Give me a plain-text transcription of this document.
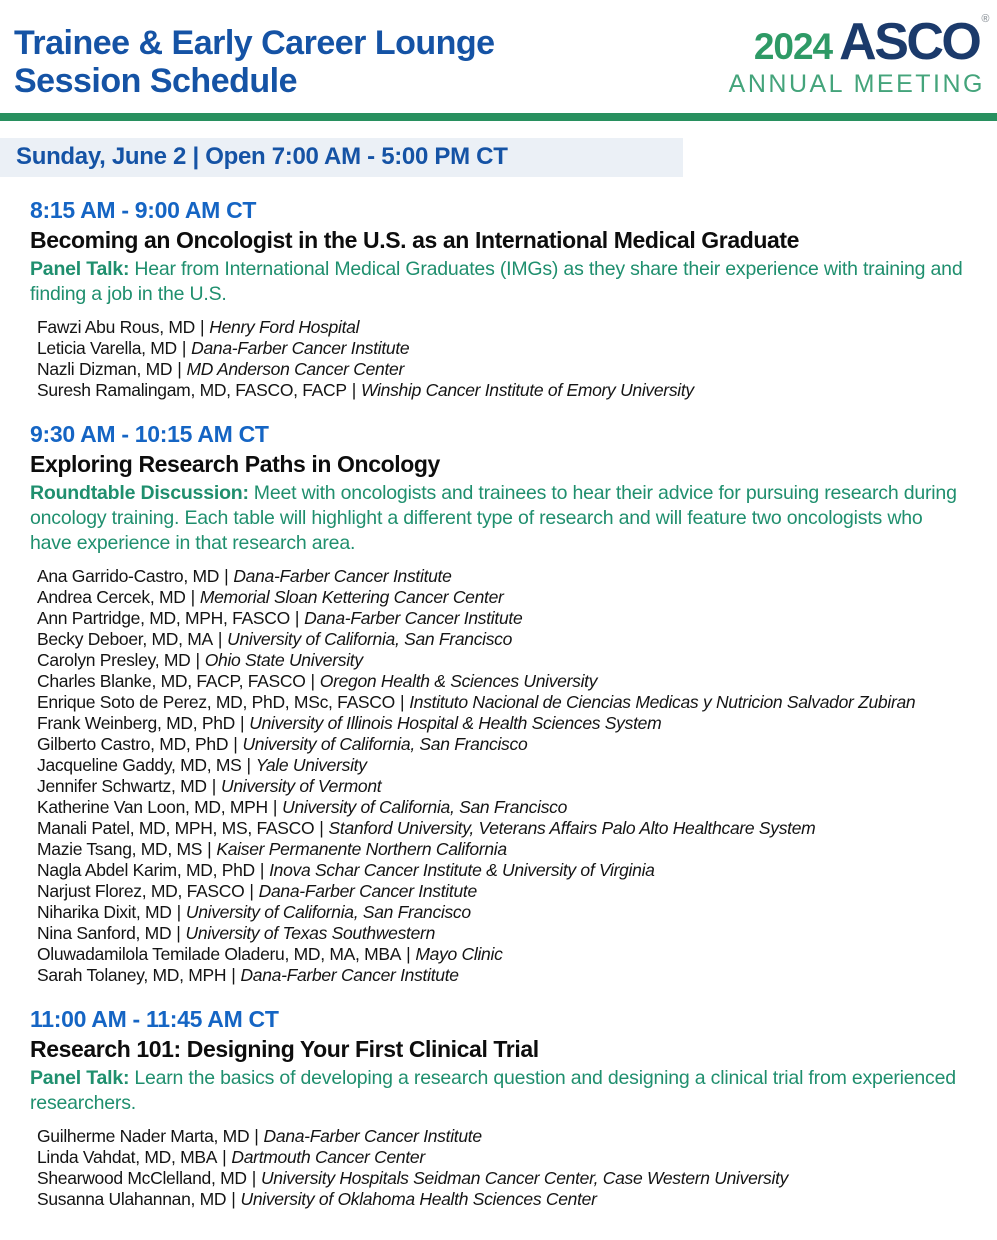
Trainee & Early Career Lounge
Session Schedule
2024 ASCO ®
ANNUAL MEETING
Sunday, June 2 | Open 7:00 AM - 5:00 PM CT
8:15 AM - 9:00 AM CT
Becoming an Oncologist in the U.S. as an International Medical Graduate

Panel Talk: Hear from International Medical Graduates (IMGs) as they share their experience with training and finding a job in the U.S.

Fawzi Abu Rous, MD | Henry Ford Hospital
Leticia Varella, MD | Dana-Farber Cancer Institute
Nazli Dizman, MD | MD Anderson Cancer Center
Suresh Ramalingam, MD, FASCO, FACP | Winship Cancer Institute of Emory University
9:30 AM - 10:15 AM CT
Exploring Research Paths in Oncology

Roundtable Discussion: Meet with oncologists and trainees to hear their advice for pursuing research during oncology training. Each table will highlight a different type of research and will feature two oncologists who have experience in that research area.

Ana Garrido-Castro, MD | Dana-Farber Cancer Institute
Andrea Cercek, MD | Memorial Sloan Kettering Cancer Center
Ann Partridge, MD, MPH, FASCO | Dana-Farber Cancer Institute
Becky Deboer, MD, MA | University of California, San Francisco
Carolyn Presley, MD | Ohio State University
Charles Blanke, MD, FACP, FASCO | Oregon Health & Sciences University
Enrique Soto de Perez, MD, PhD, MSc, FASCO | Instituto Nacional de Ciencias Medicas y Nutricion Salvador Zubiran
Frank Weinberg, MD, PhD | University of Illinois Hospital & Health Sciences System
Gilberto Castro, MD, PhD | University of California, San Francisco
Jacqueline Gaddy, MD, MS | Yale University
Jennifer Schwartz, MD | University of Vermont
Katherine Van Loon, MD, MPH | University of California, San Francisco
Manali Patel, MD, MPH, MS, FASCO | Stanford University, Veterans Affairs Palo Alto Healthcare System
Mazie Tsang, MD, MS | Kaiser Permanente Northern California
Nagla Abdel Karim, MD, PhD | Inova Schar Cancer Institute & University of Virginia
Narjust Florez, MD, FASCO | Dana-Farber Cancer Institute
Niharika Dixit, MD | University of California, San Francisco
Nina Sanford, MD | University of Texas Southwestern
Oluwadamilola Temilade Oladeru, MD, MA, MBA | Mayo Clinic
Sarah Tolaney, MD, MPH | Dana-Farber Cancer Institute
11:00 AM - 11:45 AM CT
Research 101: Designing Your First Clinical Trial

Panel Talk: Learn the basics of developing a research question and designing a clinical trial from experienced researchers.

Guilherme Nader Marta, MD | Dana-Farber Cancer Institute
Linda Vahdat, MD, MBA | Dartmouth Cancer Center
Shearwood McClelland, MD | University Hospitals Seidman Cancer Center, Case Western University
Susanna Ulahannan, MD | University of Oklahoma Health Sciences Center
